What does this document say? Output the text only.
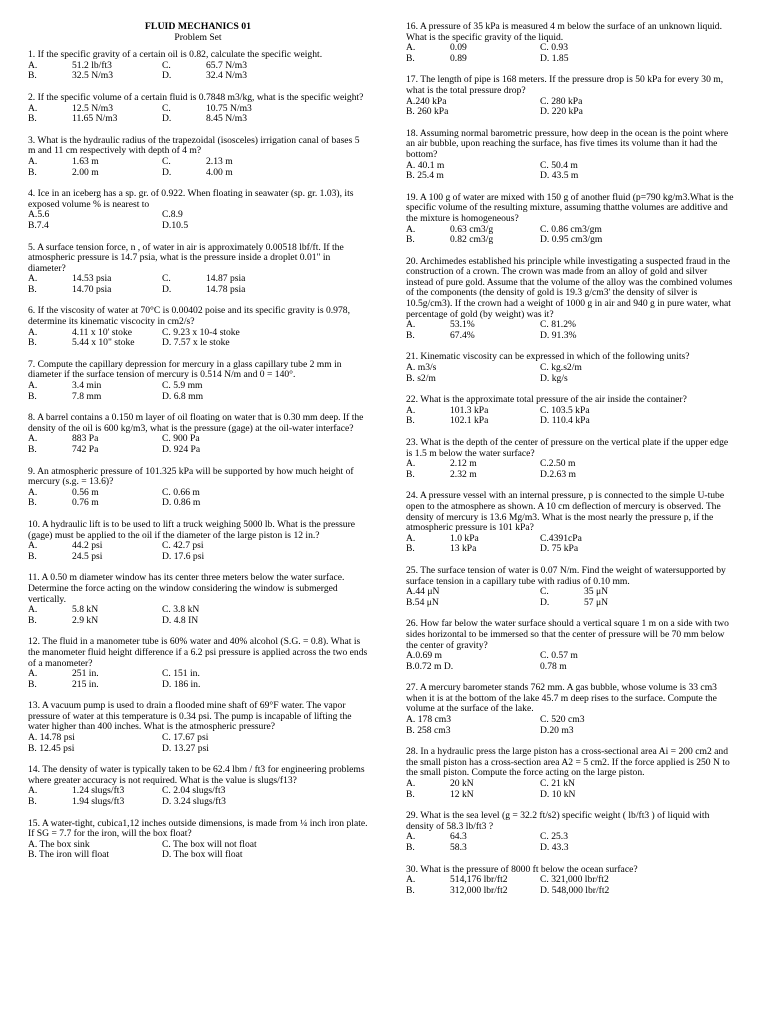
FLUID MECHANICS 01
Problem Set
1. If the specific gravity of a certain oil is 0.82, calculate the specific weight.
A.	51.2 lb/ft3	C.	65.7 N/m3
B.	32.5 N/m3	D.	32.4 N/m3
2. If the specific volume of a certain fluid is 0.7848 m3/kg, what is the specific weight?
A.	12.5 N/m3	C.	10.75 N/m3
B.	11.65 N/m3	D.	8.45 N/m3
3. What is the hydraulic radius of the trapezoidal (isosceles) irrigation canal of bases 5 m and 11 cm respectively with depth of 4 m?
A.	1.63 m	C.	2.13 m
B.	2.00 m	D.	4.00 m
4. Ice in an iceberg has a sp. gr. of 0.922. When floating in seawater (sp. gr. 1.03), its exposed volume % is nearest to
A.5.6	C.8.9
B.7.4	D.10.5
5. A surface tension force, n , of water in air is approximately 0.00518 lbf/ft. If the atmospheric pressure is 14.7 psia, what is the pressure inside a droplet 0.01" in diameter?
A.	14.53 psia	C.	14.87 psia
B.	14.70 psia	D.	14.78 psia
6. If the viscosity of water at 70°C is 0.00402 poise and its specific gravity is 0.978, determine its kinematic viscocity in cm2/s?
A.	4.11 x 10' stoke	C. 9.23 x 10-4 stoke
B.	5.44 x 10" stoke	D. 7.57 x le stoke
7. Compute the capillary depression for mercury in a glass capillary tube 2 mm in diameter if the surface tension of mercury is 0.514 N/m and 0 = 140°.
A.	3.4 min	C. 5.9 mm
B.	7.8 mm	D. 6.8 mm
8. A barrel contains a 0.150 m layer of oil floating on water that is 0.30 mm deep. If the density of the oil is 600 kg/m3, what is the pressure (gage) at the oil-water interface?
A.	883 Pa	C. 900 Pa
B.	742 Pa	D. 924 Pa
9. An atmospheric pressure of 101.325 kPa will be supported by how much height of mercury (s.g. = 13.6)?
A.	0.56 m	C. 0.66 m
B.	0.76 m	D. 0.86 m
10. A hydraulic lift is to be used to lift a truck weighing 5000 lb. What is the pressure (gage) must be applied to the oil if the diameter of the large piston is 12 in.?
A.	44.2 psi	C. 42.7 psi
B.	24.5 psi	D. 17.6 psi
11. A 0.50 m diameter window has its center three meters below the water surface. Determine the force acting on the window considering the window is submerged vertically.
A.	5.8 kN	C. 3.8 kN
B.	2.9 kN	D. 4.8 IN
12. The fluid in a manometer tube is 60% water and 40% alcohol (S.G. = 0.8). What is the manometer fluid height difference if a 6.2 psi pressure is applied across the two ends of a manometer?
A.	251 in.	C. 151 in.
B.	215 in.	D. 186 in.
13. A vacuum pump is used to drain a flooded mine shaft of 69°F water. The vapor pressure of water at this temperature is 0.34 psi. The pump is incapable of lifting the water higher than 400 inches. What is the atmospheric pressure?
A. 14.78 psi	C. 17.67 psi
B. 12.45 psi	D. 13.27 psi
14. The density of water is typically taken to be 62.4 lbm / ft3 for engineering problems where greater accuracy is not required. What is the value is slugs/f13?
A.	1.24 slugs/ft3	C. 2.04 slugs/ft3
B.	1.94 slugs/ft3	D. 3.24 slugs/ft3
15. A water-tight, cubica1,12 inches outside dimensions, is made from ¼ inch iron plate. If SG = 7.7 for the iron, will the box float?
A. The box sink	C. The box will not float
B. The iron will float	D. The box will float
16. A pressure of 35 kPa is measured 4 m below the surface of an unknown liquid. What is the specific gravity of the liquid.
A.	0.09	C. 0.93
B.	0.89	D. 1.85
17. The length of pipe is 168 meters. If the pressure drop is 50 kPa for every 30 m, what is the total pressure drop?
A.240 kPa	C. 280 kPa
B. 260 kPa	D. 220 kPa
18. Assuming normal barometric pressure, how deep in the ocean is the point where an air bubble, upon reaching the surface, has five times its volume than it had the bottom?
A. 40.1 m	C. 50.4 m
B. 25.4 m	D. 43.5 m
19. A 100 g of water are mixed with 150 g of another fluid (p=790 kg/m3.What is the specific volume of the resulting mixture, assuming thatthe volumes are additive and the mixture is homogeneous?
A.	0.63 cm3/g	C. 0.86 cm3/gm
B.	0.82 cm3/g	D. 0.95 cm3/gm
20. Archimedes established his principle while investigating a suspected fraud in the construction of a crown. The crown was made from an alloy of gold and silver instead of pure gold. Assume that the volume of the alloy was the combined volumes of the components (the density of gold is 19.3 g/cm3' the density of silver is 10.5g/cm3). If the crown had a weight of 1000 g in air and 940 g in pure water, what percentage of gold (by weight) was it?
A.	53.1%	C. 81.2%
B.	67.4%	D. 91.3%
21. Kinematic viscosity can be expressed in which of the following units?
A. m3/s	C. kg.s2/m
B. s2/m	D. kg/s
22. What is the approximate total pressure of the air inside the container?
A.	101.3 kPa	C. 103.5 kPa
B.	102.1 kPa	D. 110.4 kPa
23. What is the depth of the center of pressure on the vertical plate if the upper edge is 1.5 m below the water surface?
A.	2.12 m	C.2.50 m
B.	2.32 m	D.2.63 m
24. A pressure vessel with an internal pressure, p is connected to the simple U-tube open to the atmosphere as shown. A 10 cm deflection of mercury is observed. The density of mercury is 13.6 Mg/m3. What is the most nearly the pressure p, if the atmospheric pressure is 101 kPa?
A.	1.0 kPa	C.4391cPa
B.	13 kPa	D. 75 kPa
25. The surface tension of water is 0.07 N/m. Find the weight of watersupported by surface tension in a capillary tube with radius of 0.10 mm.
A.44 μN	C.	35 μN
B.54 μN	D.	57 μN
26. How far below the water surface should a vertical square 1 m on a side with two sides horizontal to be immersed so that the center of pressure will be 70 mm below the center of gravity?
A.0.69 m	C. 0.57 m
B.0.72 m D.	0.78 m
27. A mercury barometer stands 762 mm. A gas bubble, whose volume is 33 cm3 when it is at the bottom of the lake 45.7 m deep rises to the surface. Compute the volume at the surface of the lake.
A. 178 cm3	C. 520 cm3
B. 258 cm3	D.20 m3
28. In a hydraulic press the large piston has a cross-sectional area Ai = 200 cm2 and the small piston has a cross-section area A2 = 5 cm2. If the force applied is 250 N to the small piston. Compute the force acting on the large piston.
A.	20 kN	C. 21 kN
B.	12 kN	D. 10 kN
29. What is the sea level (g = 32.2 ft/s2) specific weight ( lb/ft3 ) of liquid with density of 58.3 lb/ft3 ?
A.	64.3	C. 25.3
B.	58.3	D. 43.3
30. What is the pressure of 8000 ft below the ocean surface?
A.	514,176 lbr/ft2	C. 321,000 lbr/ft2
B.	312,000 lbr/ft2	D. 548,000 lbr/ft2
